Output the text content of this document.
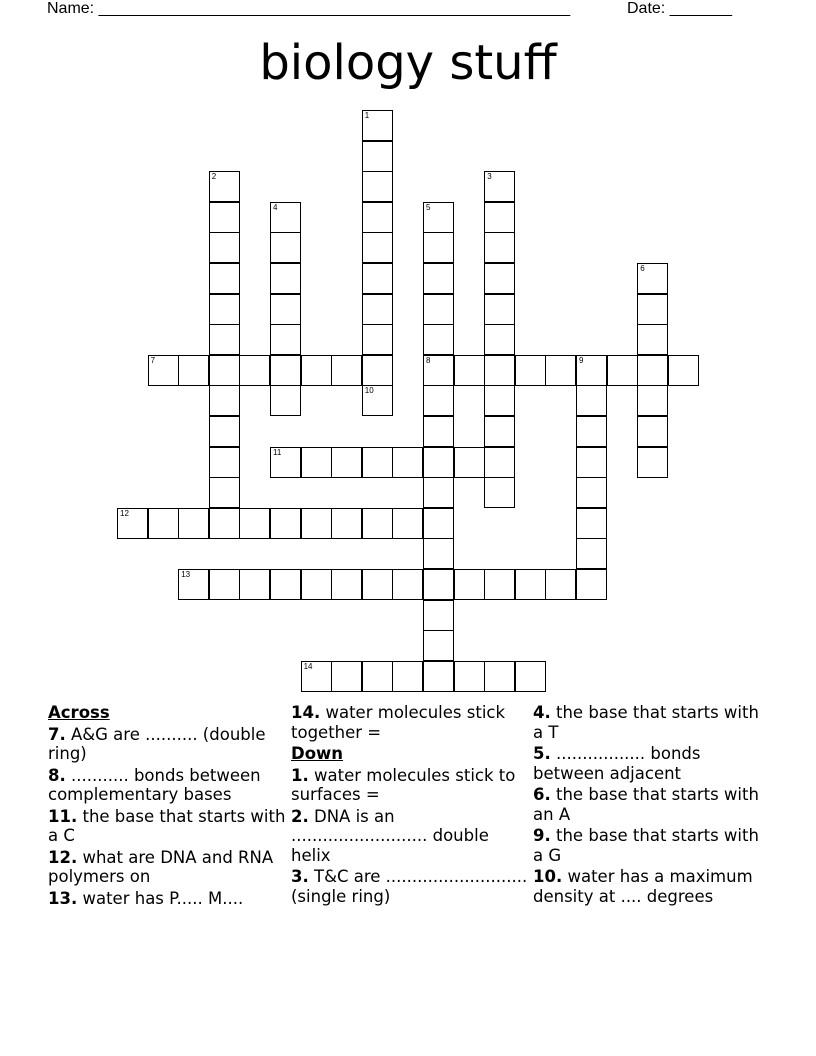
Name: _____________________________________________________	Date: _______
biology stuff
1
2	3
4	5
8
6
7	9
10
11
12
13
14
Across
7. A&G are .......... (double ring)
8. ........... bonds between complementary bases
11. the base that starts with a C
12. what are DNA and RNA polymers on
13. water has P..... M....
14. water molecules stick together =
Down
1. water molecules stick to surfaces =
2. DNA is an .......................... double helix
3. T&C are ........................... (single ring)
4. the base that starts with a T
5. ................. bonds between adjacent
6. the base that starts with an A
9. the base that starts with a G
10. water has a maximum density at .... degrees
